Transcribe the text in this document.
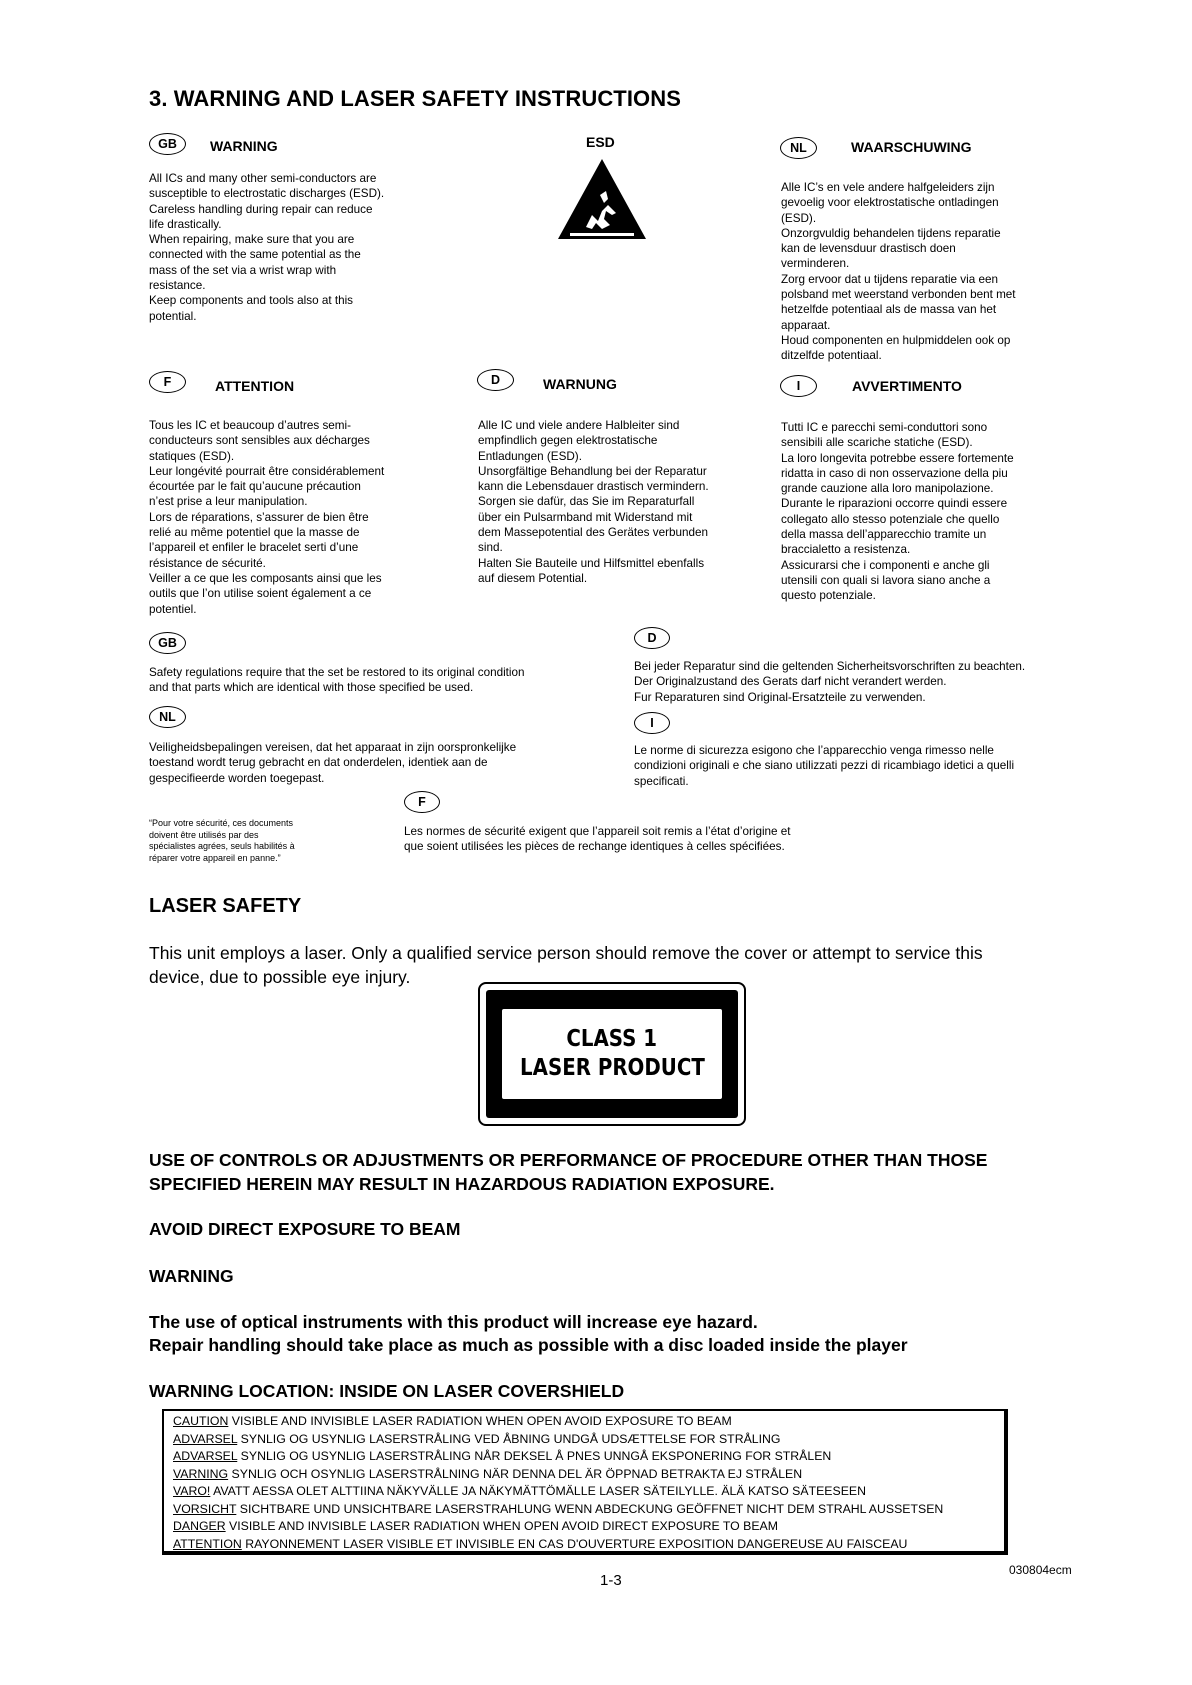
3. WARNING AND LASER SAFETY INSTRUCTIONS
GB	WARNING
All ICs and many other semi-conductors are
susceptible to electrostatic discharges (ESD).
Careless handling during repair can reduce
life drastically.
When repairing, make sure that you are
connected with the same potential as the
mass of the set via a wrist wrap with
resistance.
Keep components and tools also at this
potential.
ESD	NL	WAARSCHUWING
Alle IC’s en vele andere halfgeleiders zijn
gevoelig voor elektrostatische ontladingen
(ESD).
Onzorgvuldig behandelen tijdens reparatie
kan de levensduur drastisch doen
verminderen.
Zorg ervoor dat u tijdens reparatie via een
polsband met weerstand verbonden bent met
hetzelfde potentiaal als de massa van het
apparaat.
Houd componenten en hulpmiddelen ook op
ditzelfde potentiaal.
F	ATTENTION
Tous les IC et beaucoup d’autres semi-
conducteurs sont sensibles aux décharges
statiques (ESD).
Leur longévité pourrait être considérablement
écourtée par le fait qu’aucune précaution
n’est prise a leur manipulation.
Lors de réparations, s’assurer de bien être
relié au même potentiel que la masse de
l’appareil et enfiler le bracelet serti d’une
résistance de sécurité.
Veiller a ce que les composants ainsi que les
outils que l’on utilise soient également a ce
potentiel.
D	WARNUNG
Alle IC und viele andere Halbleiter sind
empfindlich gegen elektrostatische
Entladungen (ESD).
Unsorgfältige Behandlung bei der Reparatur
kann die Lebensdauer drastisch vermindern.
Sorgen sie dafür, das Sie im Reparaturfall
über ein Pulsarmband mit Widerstand mit
dem Massepotential des Gerätes verbunden
sind.
Halten Sie Bauteile und Hilfsmittel ebenfalls
auf diesem Potential.
I	AVVERTIMENTO
Tutti IC e parecchi semi-conduttori sono
sensibili alle scariche statiche (ESD).
La loro longevita potrebbe essere fortemente
ridatta in caso di non osservazione della piu
grande cauzione alla loro manipolazione.
Durante le riparazioni occorre quindi essere
collegato allo stesso potenziale che quello
della massa dell’apparecchio tramite un
braccialetto a resistenza.
Assicurarsi che i componenti e anche gli
utensili con quali si lavora siano anche a
questo potenziale.
GB
Safety regulations require that the set be restored to its original condition
and that parts which are identical with those specified be used.
NL
Veiligheidsbepalingen vereisen, dat het apparaat in zijn oorspronkelijke
toestand wordt terug gebracht en dat onderdelen, identiek aan de
gespecifieerde worden toegepast.
D
Bei jeder Reparatur sind die geltenden Sicherheitsvorschriften zu beachten.
Der Originalzustand des Gerats darf nicht verandert werden.
Fur Reparaturen sind Original-Ersatzteile zu verwenden.
I
Le norme di sicurezza esigono che l’apparecchio venga rimesso nelle
condizioni originali e che siano utilizzati pezzi di ricambiago idetici a quelli
specificati.
F
Les normes de sécurité exigent que l’appareil soit remis a l’état d’origine et
que soient utilisées les pièces de rechange identiques à celles spécifiées.
“Pour votre sécurité, ces documents
doivent être utilisés par des
spécialistes agrées, seuls habilités à
réparer votre appareil en panne.”
LASER SAFETY
This unit employs a laser. Only a qualified service person should remove the cover or attempt to service this
device, due to possible eye injury.
CLASS 1
LASER PRODUCT
USE OF CONTROLS OR ADJUSTMENTS OR PERFORMANCE OF PROCEDURE OTHER THAN THOSE
SPECIFIED HEREIN MAY RESULT IN HAZARDOUS RADIATION EXPOSURE.
AVOID DIRECT EXPOSURE TO BEAM
WARNING
The use of optical instruments with this product will increase eye hazard.
Repair handling should take place as much as possible with a disc loaded inside the player
WARNING LOCATION: INSIDE ON LASER COVERSHIELD
CAUTION VISIBLE AND INVISIBLE LASER RADIATION WHEN OPEN AVOID EXPOSURE TO BEAM
ADVARSEL SYNLIG OG USYNLIG LASERSTRÅLING VED ÅBNING UNDGÅ UDSÆTTELSE FOR STRÅLING
ADVARSEL SYNLIG OG USYNLIG LASERSTRÅLING NÅR DEKSEL Å PNES UNNGÅ EKSPONERING FOR STRÅLEN
VARNING SYNLIG OCH OSYNLIG LASERSTRÅLNING NÄR DENNA DEL ÄR ÖPPNAD BETRAKTA EJ STRÅLEN
VARO! AVATT AESSA OLET ALTTIINA NÄKYVÄLLE JA NÄKYMÄTTÖMÄLLE LASER SÄTEILYLLE. ÄLÄ KATSO SÄTEESEEN
VORSICHT SICHTBARE UND UNSICHTBARE LASERSTRAHLUNG WENN ABDECKUNG GEÖFFNET NICHT DEM STRAHL AUSSETSEN
DANGER VISIBLE AND INVISIBLE LASER RADIATION WHEN OPEN AVOID DIRECT EXPOSURE TO BEAM
ATTENTION RAYONNEMENT LASER VISIBLE ET INVISIBLE EN CAS D'OUVERTURE EXPOSITION DANGEREUSE AU FAISCEAU
1-3
030804ecm
